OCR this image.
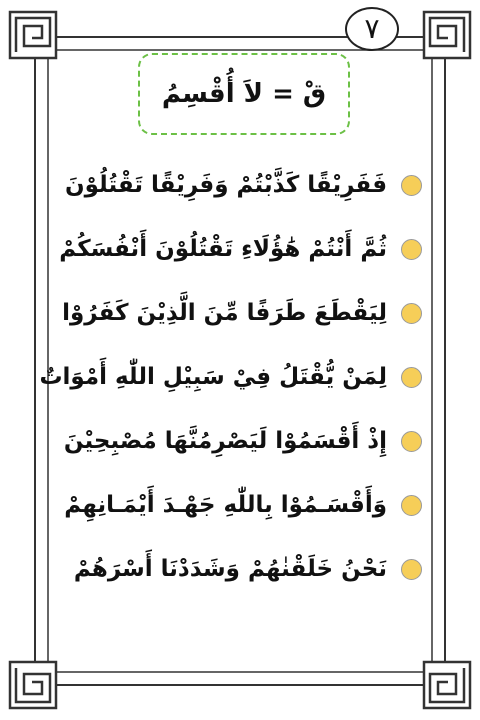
٧
قْ = لاَ أُقْسِمُ
فَفَرِيْقًا كَذَّبْتُمْ وَفَرِيْقًا تَقْتُلُوْنَ
ثُمَّ أَنْتُمْ هَٰؤُلَاءِ تَقْتُلُوْنَ أَنْفُسَكُمْ
لِيَقْطَعَ طَرَفًا مِّنَ الَّذِيْنَ كَفَرُوْا
لِمَنْ يُّقْتَلُ فِيْ سَبِيْلِ اللّٰهِ أَمْوَاتٌ
إِذْ أَقْسَمُوْا لَيَصْرِمُنَّهَا مُصْبِحِيْنَ
وَأَقْسَـمُوْا بِاللّٰهِ جَهْـدَ أَيْمَـانِهِمْ
نَحْنُ خَلَقْنٰهُمْ وَشَدَدْنَا أَسْرَهُمْ
